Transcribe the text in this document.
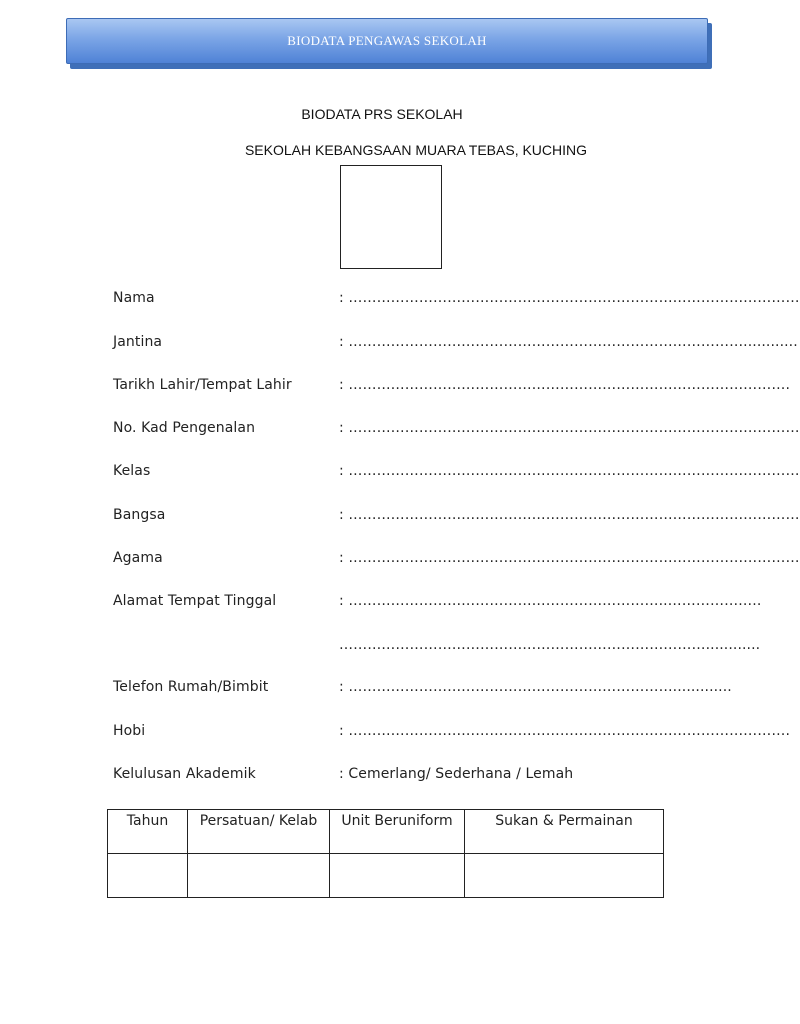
BIODATA PENGAWAS SEKOLAH
BIODATA PRS SEKOLAH
SEKOLAH KEBANGSAAN MUARA TEBAS, KUCHING
Nama	: ……………………………………………………………………………………
Jantina	: …………………………………………………………………………............
Tarikh Lahir/Tempat Lahir	: ………………………………………………………………………………….
No. Kad Pengenalan	: ……………………………………………………………………………………
Kelas	: ……………………………………………………………………………………
Bangsa	: ……………………………………………………………………………………
Agama	: ……………………………………………………………………………………
Alamat Tempat Tinggal	: …………………………………………………………..………………..
……………………………………………………………………............
Telefon Rumah/Bimbit	: …………………………………………………………….............
Hobi	: ………………………………………………………………………………….
Kelulusan Akademik	: Cemerlang/ Sederhana / Lemah
Tahun	Persatuan/ Kelab	Unit Beruniform	Sukan & Permainan
